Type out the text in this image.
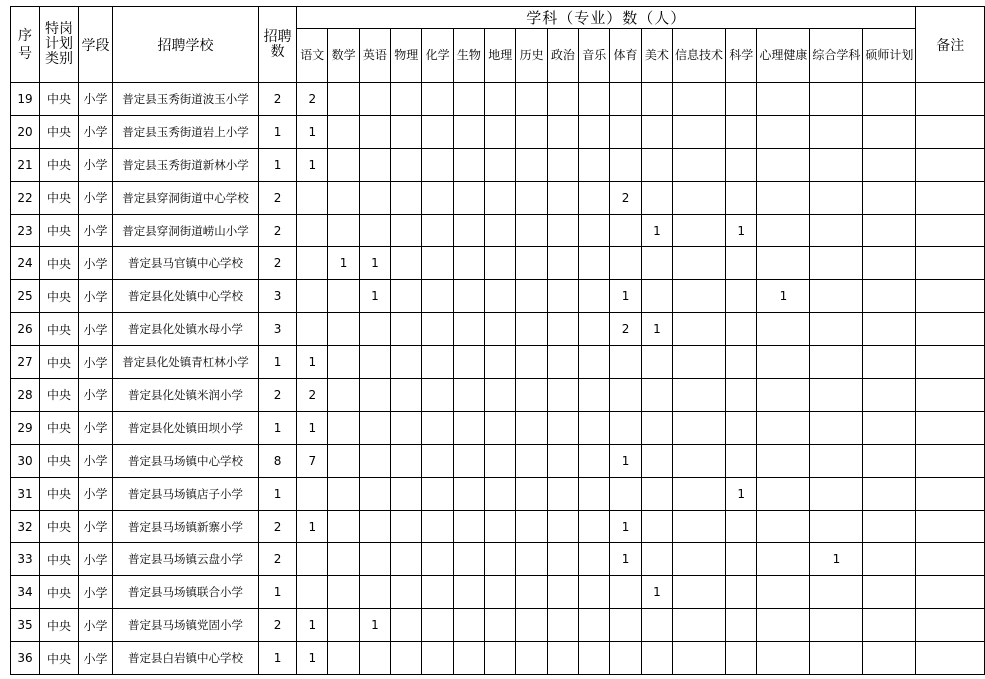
序号	特岗计划类别	学段	招聘学校	招聘数	学科（专业）数（人）																	备注
					语文	数学	英语	物理	化学	生物	地理	历史	政治	音乐	体育	美术	信息技术	科学	心理健康	综合学科	硕师计划	
19	中央	小学	普定县玉秀街道波玉小学	2	2																	
20	中央	小学	普定县玉秀街道岩上小学	1	1																	
21	中央	小学	普定县玉秀街道新林小学	1	1																	
22	中央	小学	普定县穿洞街道中心学校	2											2							
23	中央	小学	普定县穿洞街道崂山小学	2												1		1				
24	中央	小学	普定县马官镇中心学校	2		1	1															
25	中央	小学	普定县化处镇中心学校	3			1								1				1			
26	中央	小学	普定县化处镇水母小学	3											2	1						
27	中央	小学	普定县化处镇青杠林小学	1	1																	
28	中央	小学	普定县化处镇米润小学	2	2																	
29	中央	小学	普定县化处镇田坝小学	1	1																	
30	中央	小学	普定县马场镇中心学校	8	7										1							
31	中央	小学	普定县马场镇店子小学	1														1				
32	中央	小学	普定县马场镇新寨小学	2	1										1							
33	中央	小学	普定县马场镇云盘小学	2											1					1		
34	中央	小学	普定县马场镇联合小学	1												1						
35	中央	小学	普定县马场镇党固小学	2	1		1															
36	中央	小学	普定县白岩镇中心学校	1	1																	
